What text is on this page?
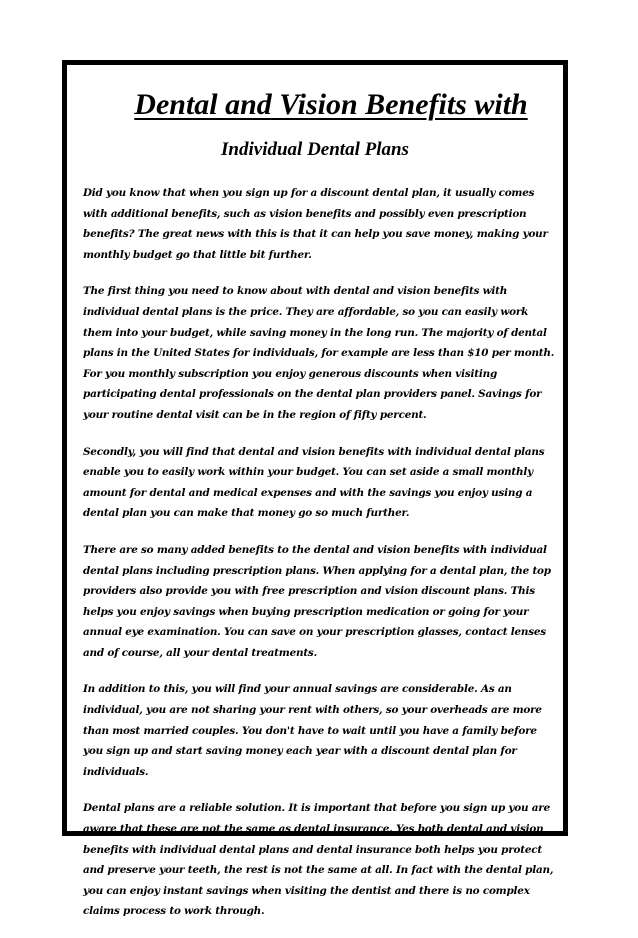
Dental and Vision Benefits with
Individual Dental Plans

Did you know that when you sign up for a discount dental plan, it usually comes with additional benefits, such as vision benefits and possibly even prescription benefits? The great news with this is that it can help you save money, making your monthly budget go that little bit further.

The first thing you need to know about with dental and vision benefits with individual dental plans is the price. They are affordable, so you can easily work them into your budget, while saving money in the long run. The majority of dental plans in the United States for individuals, for example are less than $10 per month. For you monthly subscription you enjoy generous discounts when visiting participating dental professionals on the dental plan providers panel. Savings for your routine dental visit can be in the region of fifty percent.

Secondly, you will find that dental and vision benefits with individual dental plans enable you to easily work within your budget. You can set aside a small monthly amount for dental and medical expenses and with the savings you enjoy using a dental plan you can make that money go so much further.

There are so many added benefits to the dental and vision benefits with individual dental plans including prescription plans. When applying for a dental plan, the top providers also provide you with free prescription and vision discount plans. This helps you enjoy savings when buying prescription medication or going for your annual eye examination. You can save on your prescription glasses, contact lenses and of course, all your dental treatments.

In addition to this, you will find your annual savings are considerable. As an individual, you are not sharing your rent with others, so your overheads are more than most married couples. You don't have to wait until you have a family before you sign up and start saving money each year with a discount dental plan for individuals.

Dental plans are a reliable solution. It is important that before you sign up you are aware that these are not the same as dental insurance. Yes both dental and vision benefits with individual dental plans and dental insurance both helps you protect and preserve your teeth, the rest is not the same at all. In fact with the dental plan, you can enjoy instant savings when visiting the dentist and there is no complex claims process to work through.
